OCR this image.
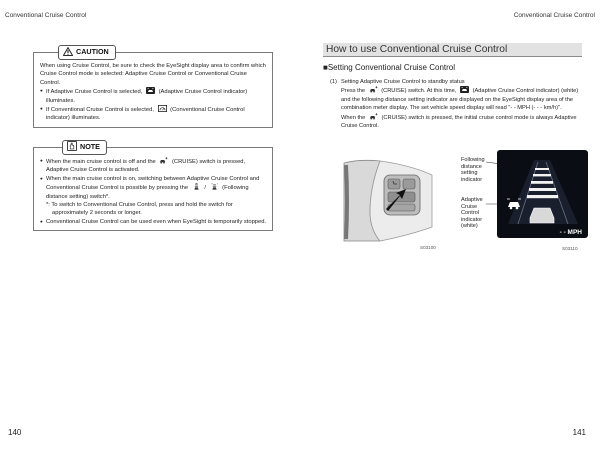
Conventional Cruise Control	Conventional Cruise Control
CAUTION
When using Cruise Control, be sure to check the EyeSight display area to confirm which Cruise Control mode is selected: Adaptive Cruise Control or Conventional Cruise Control.
● If Adaptive Cruise Control is selected,
(Adaptive Cruise Control indicator) illuminates.
● If Conventional Cruise Control is selected,
(Conventional Cruise Control indicator) illuminates.
NOTE
● When the main cruise control is off and the
(CRUISE) switch is pressed, Adaptive Cruise Control is activated.
● When the main cruise control is on, switching between Adaptive Cruise Control and Conventional Cruise Control is possible by pressing the
/
(Following distance setting) switch*.
*: To switch to Conventional Cruise Control, press and hold the switch for approximately 2 seconds or longer.
● Conventional Cruise Control can be used even when EyeSight is temporarily stopped.
How to use Conventional Cruise Control
■Setting Conventional Cruise Control
(1) Setting Adaptive Cruise Control to standby status
Press the
(CRUISE) switch. At this time,
(Adaptive Cruise Control indicator) (white) and the following distance setting indicator are displayed on the EyeSight display area of the combination meter display. The set vehicle speed display will read "- - MPH (- - - km/h)".
When the
(CRUISE) switch is pressed, the initial cruise control mode is always Adaptive Cruise Control.
S03100
Following distance setting indicator
Adaptive Cruise Control indicator (white)
- - MPH
S03110
140	141
